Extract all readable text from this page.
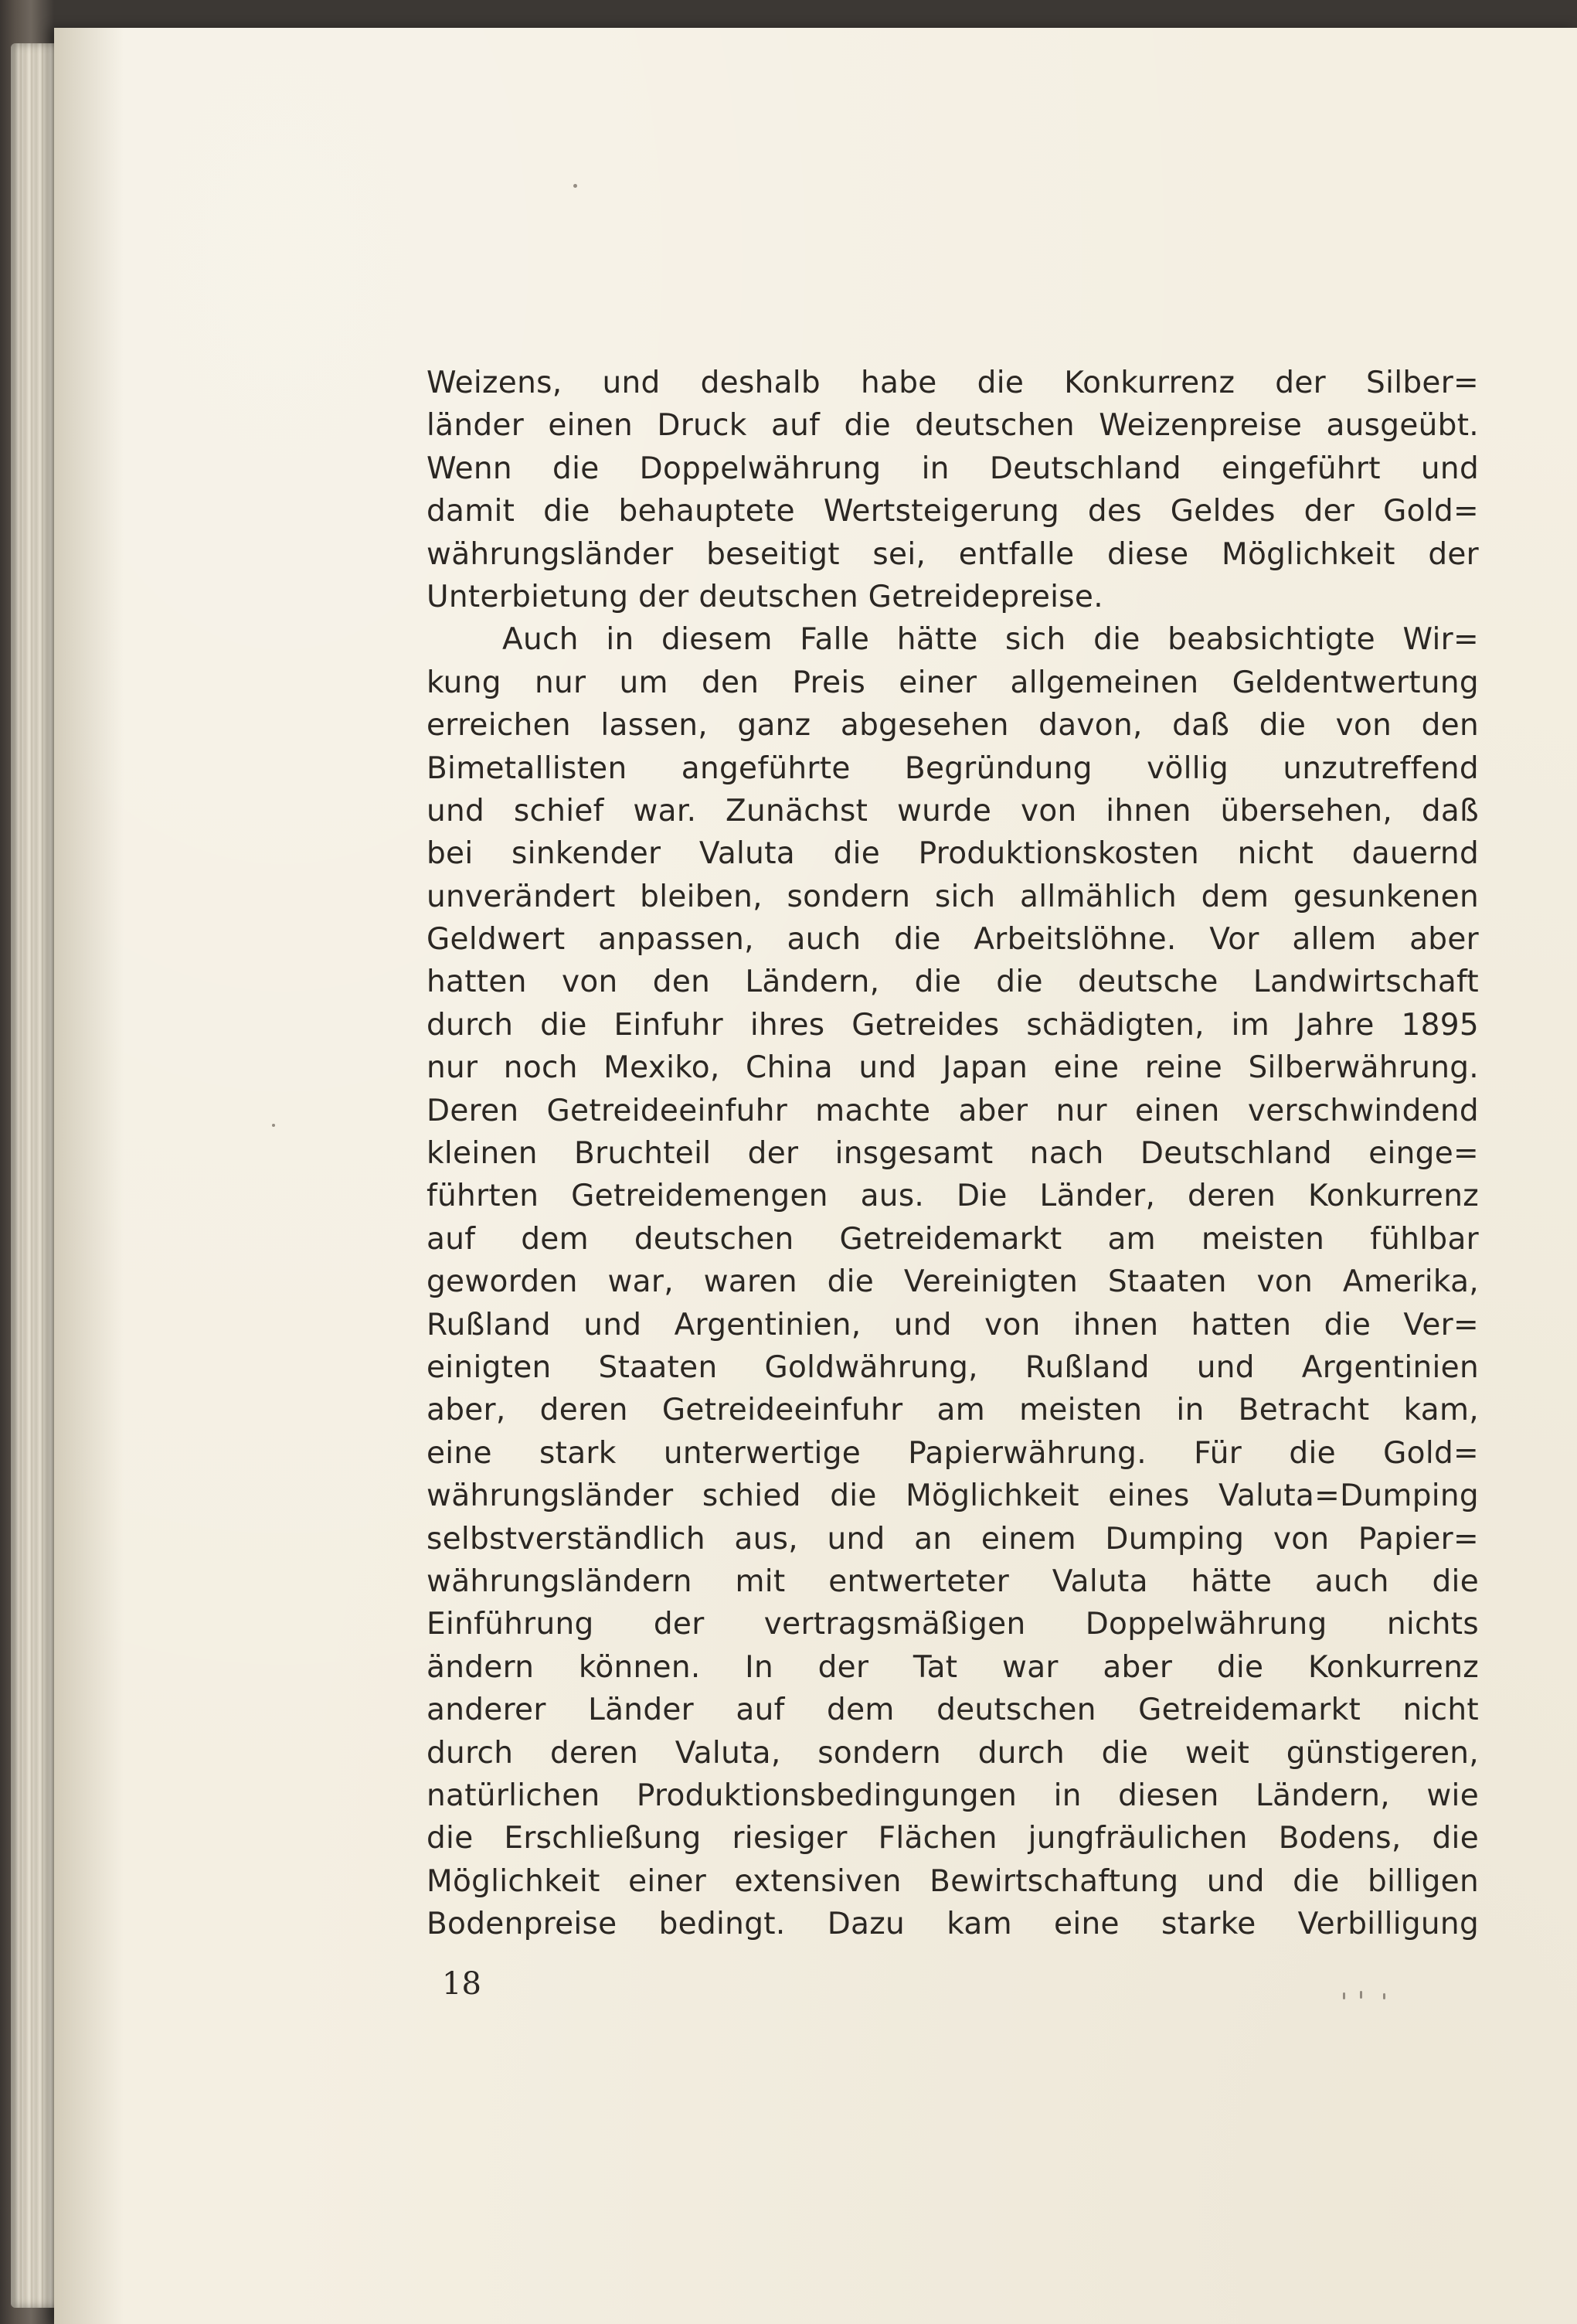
Weizens, und deshalb habe die Konkurrenz der Silber=
länder einen Druck auf die deutschen Weizenpreise ausgeübt.
Wenn die Doppelwährung in Deutschland eingeführt und
damit die behauptete Wertsteigerung des Geldes der Gold=
währungsländer beseitigt sei, entfalle diese Möglichkeit der
Unterbietung der deutschen Getreidepreise.
Auch in diesem Falle hätte sich die beabsichtigte Wir=
kung nur um den Preis einer allgemeinen Geldentwertung
erreichen lassen, ganz abgesehen davon, daß die von den
Bimetallisten angeführte Begründung völlig unzutreffend
und schief war. Zunächst wurde von ihnen übersehen, daß
bei sinkender Valuta die Produktionskosten nicht dauernd
unverändert bleiben, sondern sich allmählich dem gesunkenen
Geldwert anpassen, auch die Arbeitslöhne. Vor allem aber
hatten von den Ländern, die die deutsche Landwirtschaft
durch die Einfuhr ihres Getreides schädigten, im Jahre 1895
nur noch Mexiko, China und Japan eine reine Silberwährung.
Deren Getreideeinfuhr machte aber nur einen verschwindend
kleinen Bruchteil der insgesamt nach Deutschland einge=
führten Getreidemengen aus. Die Länder, deren Konkurrenz
auf dem deutschen Getreidemarkt am meisten fühlbar
geworden war, waren die Vereinigten Staaten von Amerika,
Rußland und Argentinien, und von ihnen hatten die Ver=
einigten Staaten Goldwährung, Rußland und Argentinien
aber, deren Getreideeinfuhr am meisten in Betracht kam,
eine stark unterwertige Papierwährung. Für die Gold=
währungsländer schied die Möglichkeit eines Valuta=Dumping
selbstverständlich aus, und an einem Dumping von Papier=
währungsländern mit entwerteter Valuta hätte auch die
Einführung der vertragsmäßigen Doppelwährung nichts
ändern können. In der Tat war aber die Konkurrenz
anderer Länder auf dem deutschen Getreidemarkt nicht
durch deren Valuta, sondern durch die weit günstigeren,
natürlichen Produktionsbedingungen in diesen Ländern, wie
die Erschließung riesiger Flächen jungfräulichen Bodens, die
Möglichkeit einer extensiven Bewirtschaftung und die billigen
Bodenpreise bedingt. Dazu kam eine starke Verbilligung
18
